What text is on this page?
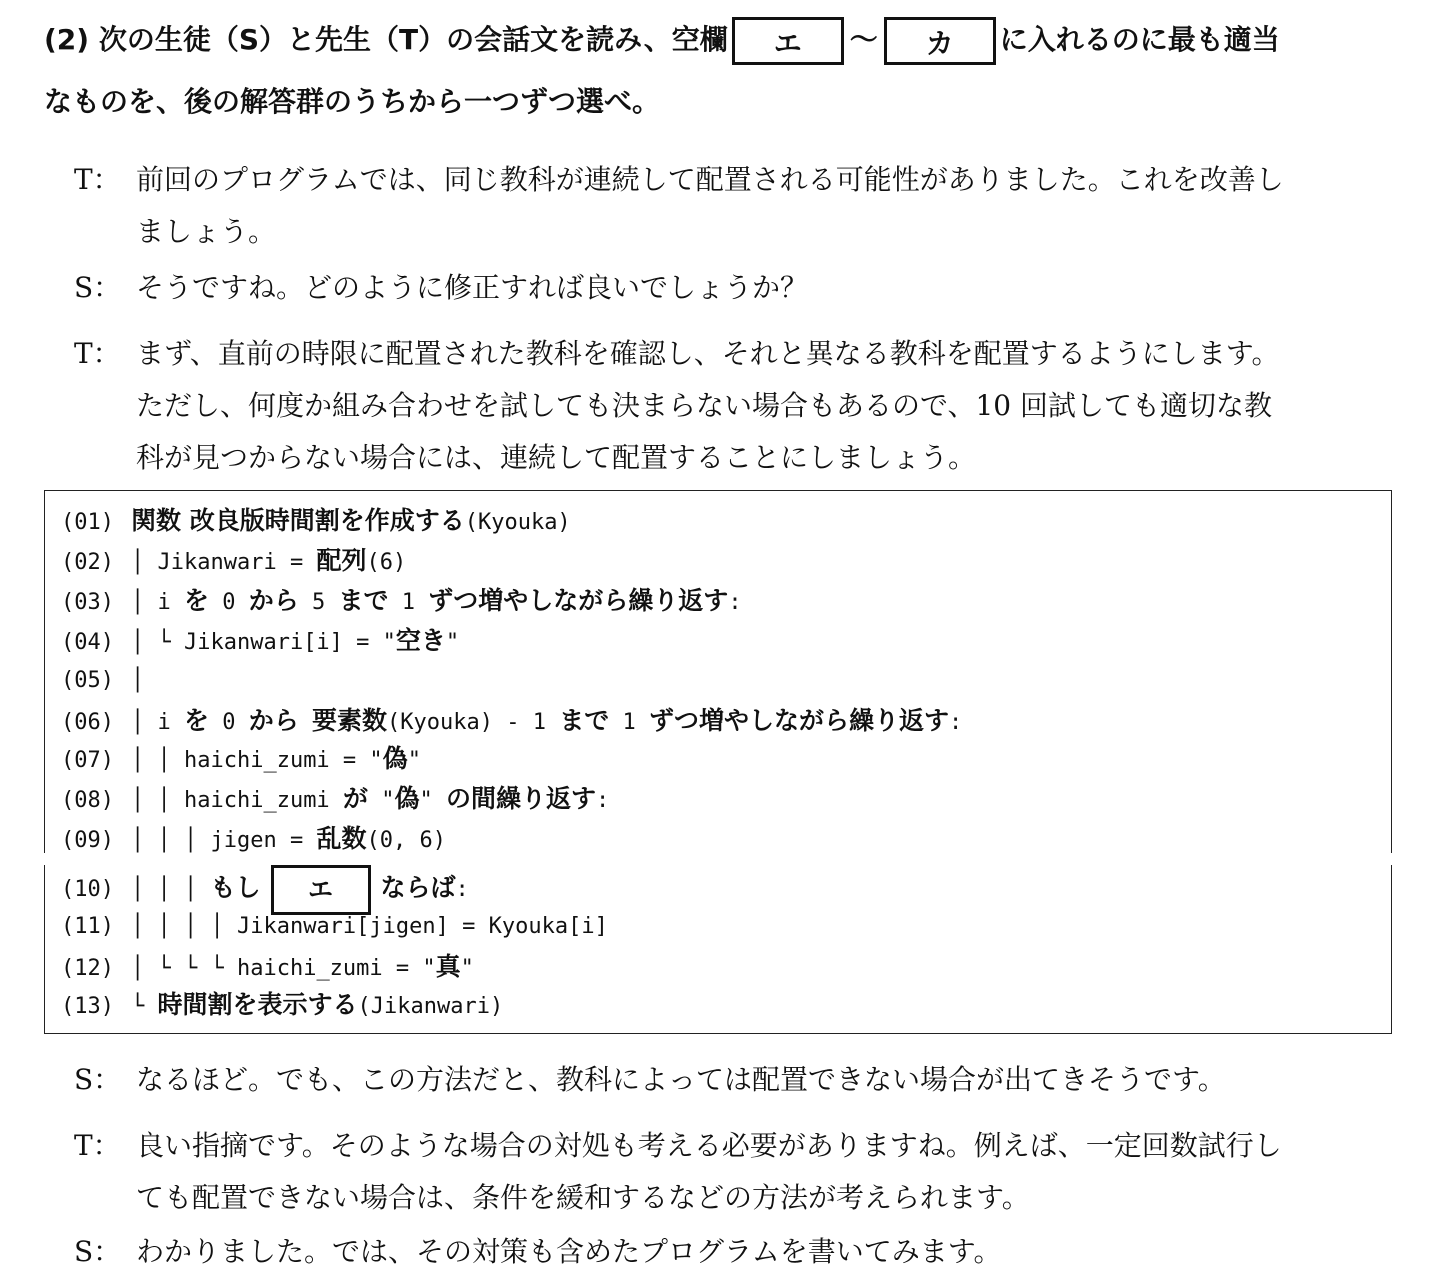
(2) 次の生徒（S）と先生（T）の会話文を読み、空欄 エ 〜 カ に入れるのに最も適当
なものを、後の解答群のうちから一つずつ選べ。
T： 前回のプログラムでは、同じ教科が連続して配置される可能性がありました。これを改善し
ましょう。
S： そうですね。どのように修正すれば良いでしょうか？
T： まず、直前の時限に配置された教科を確認し、それと異なる教科を配置するようにします。
ただし、何度か組み合わせを試しても決まらない場合もあるので、10 回試しても適切な教
科が見つからない場合には、連続して配置することにしましょう。
(01) 関数 改良版時間割を作成する(Kyouka)
(02) │ Jikanwari = 配列(6)
(03) │ i を 0 から 5 まで 1 ずつ増やしながら繰り返す:
(04) │ └ Jikanwari[i] = "空き"
(05) │
(06) │ i を 0 から 要素数(Kyouka) - 1 まで 1 ずつ増やしながら繰り返す:
(07) │ │ haichi_zumi = "偽"
(08) │ │ haichi_zumi が "偽" の間繰り返す:
(09) │ │ │ jigen = 乱数(0, 6)
(10) │ │ │ もし エ ならば:
(11) │ │ │ │ Jikanwari[jigen] = Kyouka[i]
(12) │ └ └ └ haichi_zumi = "真"
(13) └ 時間割を表示する(Jikanwari)
S： なるほど。でも、この方法だと、教科によっては配置できない場合が出てきそうです。
T： 良い指摘です。そのような場合の対処も考える必要がありますね。例えば、一定回数試行し
ても配置できない場合は、条件を緩和するなどの方法が考えられます。
S： わかりました。では、その対策も含めたプログラムを書いてみます。
